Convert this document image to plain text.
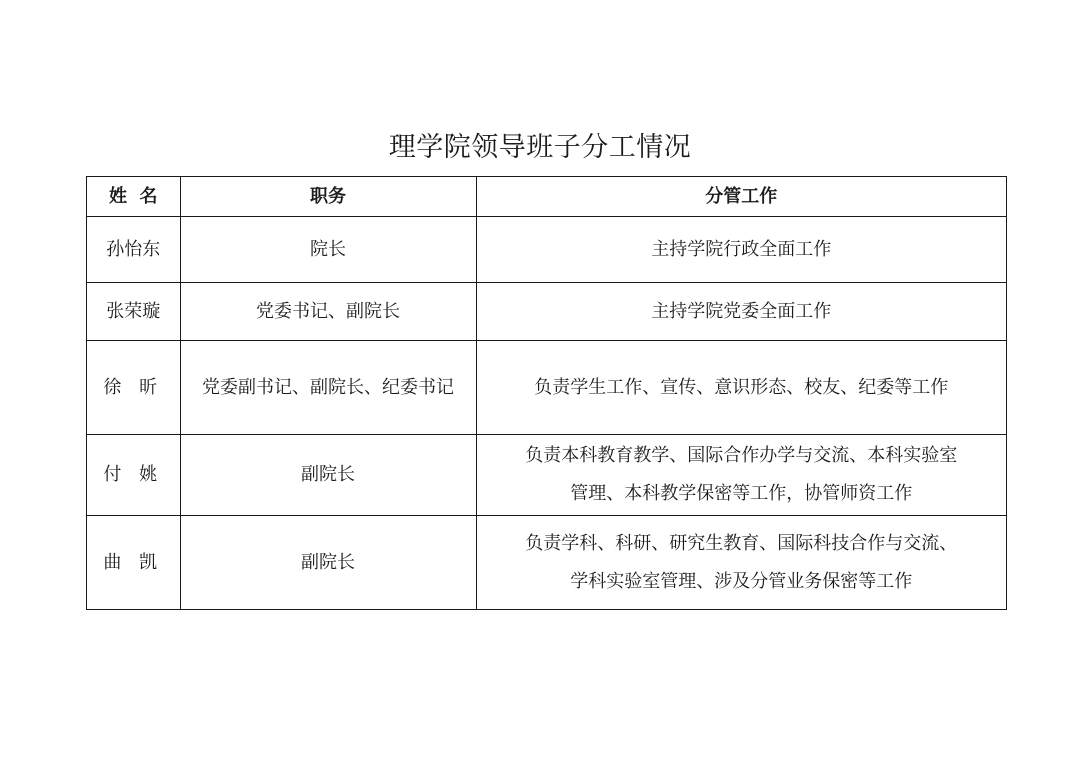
理学院领导班子分工情况
姓  名	职务	分管工作
孙怡东	院长	主持学院行政全面工作
张荣璇	党委书记、副院长	主持学院党委全面工作
徐 昕	党委副书记、副院长、纪委书记	负责学生工作、宣传、意识形态、校友、纪委等工作
付 姚	副院长	负责本科教育教学、国际合作办学与交流、本科实验室
管理、本科教学保密等工作，协管师资工作

曲 凯	副院长	负责学科、科研、研究生教育、国际科技合作与交流、
学科实验室管理、涉及分管业务保密等工作
